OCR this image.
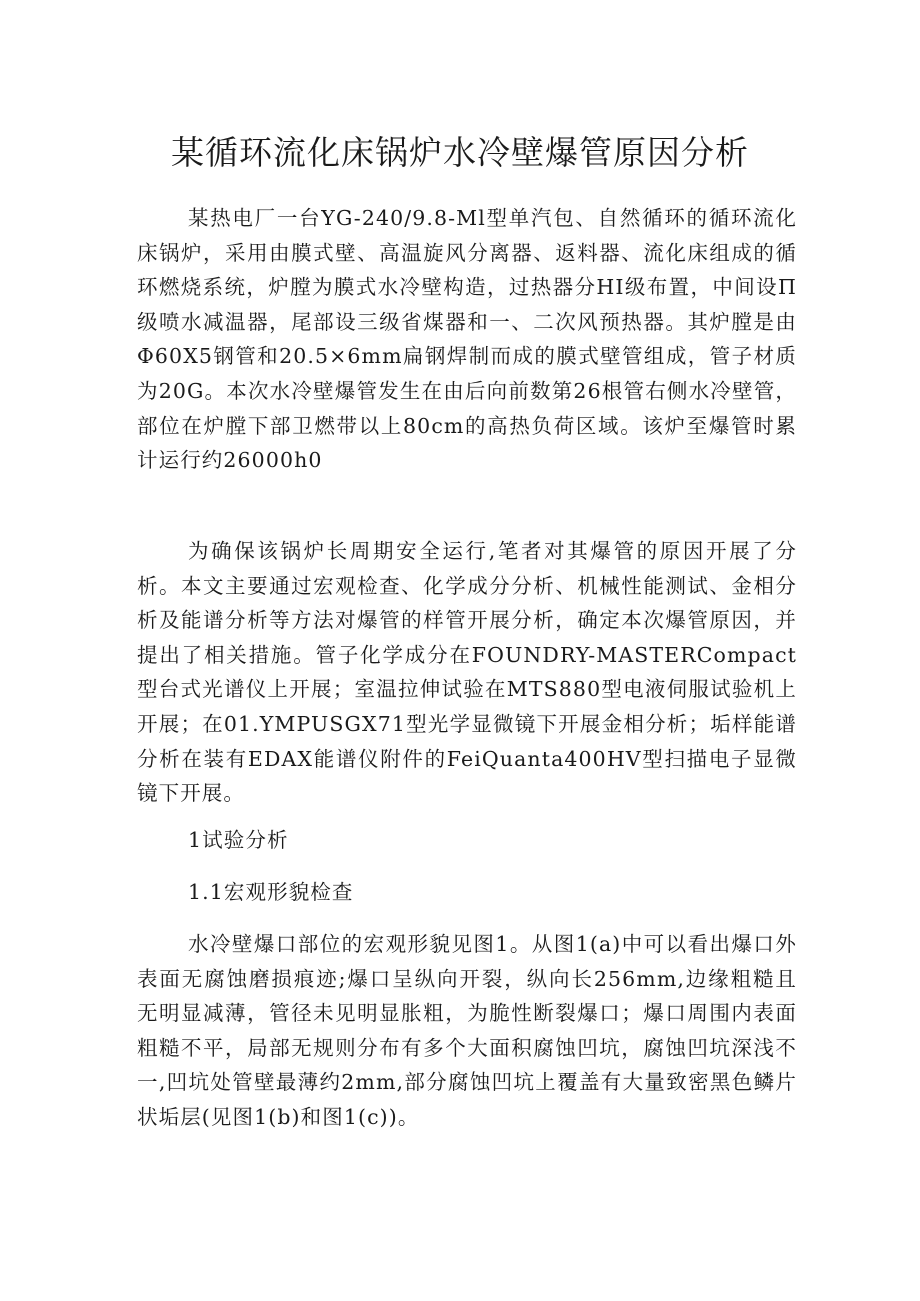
某循环流化床锅炉水冷壁爆管原因分析

某热电厂一台YG-240/9.8-Ml型单汽包、自然循环的循环流化床锅炉，采用由膜式壁、高温旋风分离器、返料器、流化床组成的循环燃烧系统，炉膛为膜式水冷壁构造，过热器分HI级布置，中间设Π级喷水减温器，尾部设三级省煤器和一、二次风预热器。其炉膛是由Φ60X5钢管和20.5×6mm扁钢焊制而成的膜式壁管组成，管子材质为20G。本次水冷壁爆管发生在由后向前数第26根管右侧水冷壁管，部位在炉膛下部卫燃带以上80cm的高热负荷区域。该炉至爆管时累计运行约26000h0

为确保该锅炉长周期安全运行,笔者对其爆管的原因开展了分析。本文主要通过宏观检查、化学成分分析、机械性能测试、金相分析及能谱分析等方法对爆管的样管开展分析，确定本次爆管原因，并提出了相关措施。管子化学成分在FOUNDRY-MASTERCompact型台式光谱仪上开展；室温拉伸试验在MTS880型电液伺服试验机上开展；在01.YMPUSGX71型光学显微镜下开展金相分析；垢样能谱分析在装有EDAX能谱仪附件的FeiQuanta400HV型扫描电子显微镜下开展。

1试验分析

1.1宏观形貌检查

水冷壁爆口部位的宏观形貌见图1。从图1(a)中可以看出爆口外表面无腐蚀磨损痕迹;爆口呈纵向开裂，纵向长256mm,边缘粗糙且无明显减薄，管径未见明显胀粗，为脆性断裂爆口；爆口周围内表面粗糙不平，局部无规则分布有多个大面积腐蚀凹坑，腐蚀凹坑深浅不一,凹坑处管壁最薄约2mm,部分腐蚀凹坑上覆盖有大量致密黑色鳞片状垢层(见图1(b)和图1(c))。
